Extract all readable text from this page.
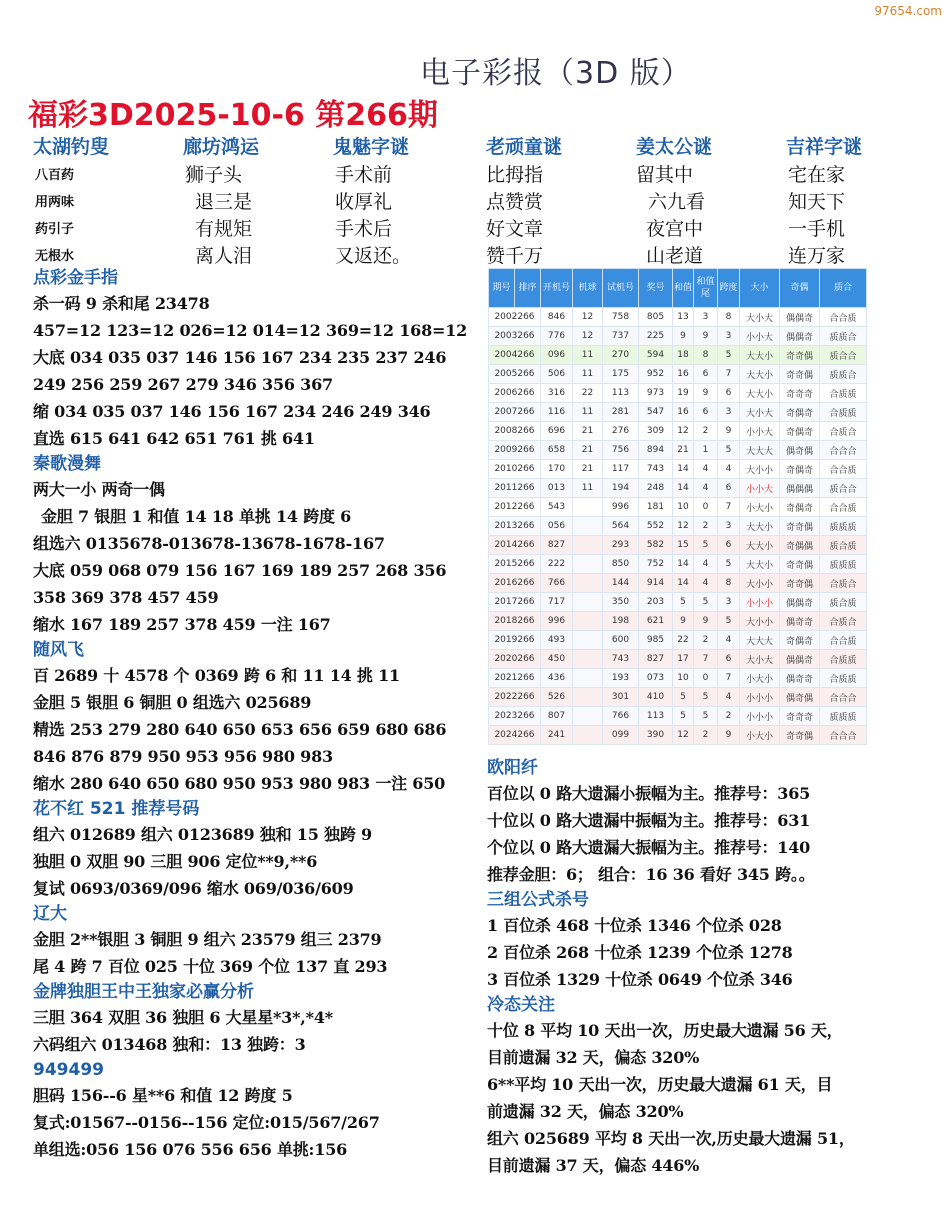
97654.com
电子彩报（3D 版）
福彩3D2025-10-6 第266期
太湖钓叟	廊坊鸿运	鬼魅字谜	老顽童谜	姜太公谜	吉祥字谜
八百药	狮子头	手术前	比拇指	留其中	宅在家
用两味	退三是	收厚礼	点赞赏	六九看	知天下
药引子	有规矩	手术后	好文章	夜宫中	一手机
无根水	离人泪	又返还。	赞千万	山老道	连万家
点彩金手指
杀一码 9 杀和尾 23478
457=12 123=12 026=12 014=12 369=12 168=12
大底 034 035 037 146 156 167 234 235 237 246
249 256 259 267 279 346 356 367
缩 034 035 037 146 156 167 234 246 249 346
直选 615 641 642 651 761 挑 641
秦歌漫舞
两大一小 两奇一偶
金胆 7 银胆 1 和值 14 18 单挑 14 跨度 6
组选六 0135678-013678-13678-1678-167
大底 059 068 079 156 167 169 189 257 268 356
358 369 378 457 459
缩水 167 189 257 378 459 一注 167
随风飞
百 2689 十 4578 个 0369 跨 6 和 11 14 挑 11
金胆 5 银胆 6 铜胆 0 组选六 025689
精选 253 279 280 640 650 653 656 659 680 686
846 876 879 950 953 956 980 983
缩水 280 640 650 680 950 953 980 983 一注 650
花不红 521 推荐号码
组六 012689 组六 0123689 独和 15 独跨 9
独胆 0 双胆 90 三胆 906 定位**9,**6
复试 0693/0369/096 缩水 069/036/609
辽大
金胆 2**银胆 3 铜胆 9 组六 23579 组三 2379
尾 4 跨 7 百位 025 十位 369 个位 137 直 293
金牌独胆王中王独家必赢分析
三胆 364 双胆 36 独胆 6 大星星*3*,*4*
六码组六 013468 独和：13 独跨：3
949499
胆码 156--6 星**6 和值 12 跨度 5
复式:01567--0156--156 定位:015/567/267
单组选:056 156 076 556 656 单挑:156
期号	排序	开机号	机球	试机号	奖号	和值	和值尾	跨度	大小	奇偶	质合
2002266		846	12	758	805	13	3	8	大小大	偶偶奇	合合质
2003266		776	12	737	225	9	9	3	小小大	偶偶奇	质质合
2004266		096	11	270	594	18	8	5	大大小	奇奇偶	质合合
2005266		506	11	175	952	16	6	7	大大小	奇奇偶	质质合
2006266		316	22	113	973	19	9	6	大大小	奇奇奇	合质质
2007266		116	11	281	547	16	6	3	大小大	奇偶奇	合质质
2008266		696	21	276	309	12	2	9	小小大	奇偶奇	合质合
2009266		658	21	756	894	21	1	5	大大大	偶奇偶	合合合
2010266		170	21	117	743	14	4	4	大小小	奇偶奇	合合质
2011266		013	11	194	248	14	4	6	小小大	偶偶偶	质合合
2012266		543		996	181	10	0	7	小大小	奇偶奇	合合质
2013266		056		564	552	12	2	3	大大小	奇奇偶	质质质
2014266		827		293	582	15	5	6	大大小	奇偶偶	质合质
2015266		222		850	752	14	4	5	大大小	奇奇偶	质质质
2016266		766		144	914	14	4	8	大小小	奇奇偶	合质合
2017266		717		350	203	5	5	3	小小小	偶偶奇	质合质
2018266		996		198	621	9	9	5	大小小	偶奇奇	合质合
2019266		493		600	985	22	2	4	大大大	奇偶奇	合合质
2020266		450		743	827	17	7	6	大小大	偶偶奇	合质质
2021266		436		193	073	10	0	7	小大小	偶奇奇	合质质
2022266		526		301	410	5	5	4	小小小	偶奇偶	合合合
2023266		807		766	113	5	5	2	小小小	奇奇奇	质质质
2024266		241		099	390	12	2	9	小大小	奇奇偶	合合合
欧阳纤
百位以 0 路大遗漏小振幅为主。推荐号：365
十位以 0 路大遗漏中振幅为主。推荐号：631
个位以 0 路大遗漏大振幅为主。推荐号：140
推荐金胆：6； 组合：16 36 看好 345 跨。。
三组公式杀号
1 百位杀 468 十位杀 1346 个位杀 028
2 百位杀 268 十位杀 1239 个位杀 1278
3 百位杀 1329 十位杀 0649 个位杀 346
冷态关注
十位 8 平均 10 天出一次，历史最大遗漏 56 天，
目前遗漏 32 天，偏态 320%
6**平均 10 天出一次，历史最大遗漏 61 天，目
前遗漏 32 天，偏态 320%
组六 025689 平均 8 天出一次,历史最大遗漏 51，
目前遗漏 37 天，偏态 446%
